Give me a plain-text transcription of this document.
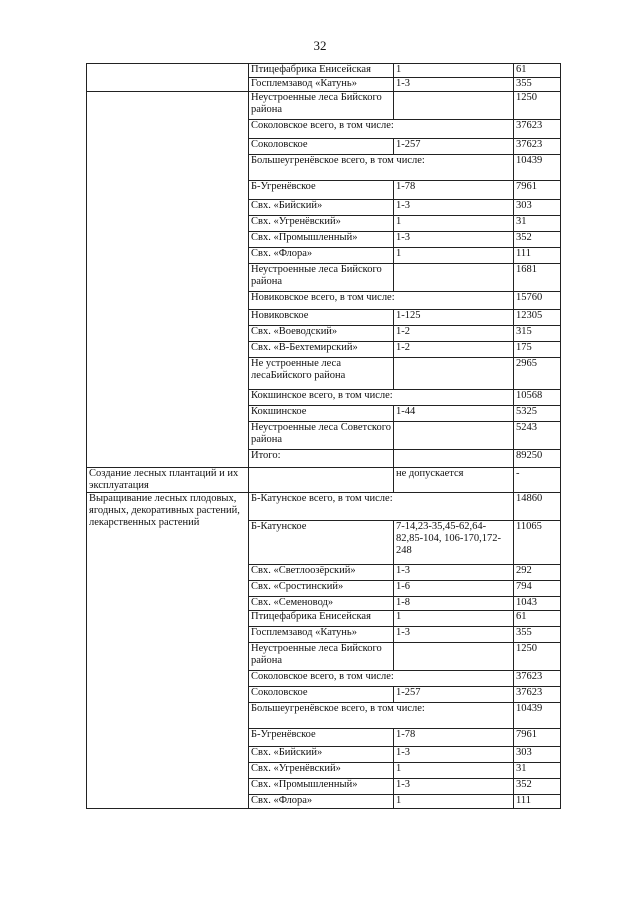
32
	Птицефабрика Енисейская	1	61
	Госплемзавод «Катунь»	1-3	355
	Неустроенные леса Бийского района		1250
	Соколовское всего, в том числе:		37623
	Соколовское	1-257	37623
	Большеугренёвское всего, в том числе:		10439
	Б-Угренёвское	1-78	7961
	Свх. «Бийский»	1-3	303
	Свх. «Угренёвский»	1	31
	Свх. «Промышленный»	1-3	352
	Свх. «Флора»	1	111
	Неустроенные леса Бийского района		1681
	Новиковское всего, в том числе:		15760
	Новиковское	1-125	12305
	Свх. «Воеводский»	1-2	315
	Свх. «В-Бехтемирский»	1-2	175
	Не устроенные леса лесаБийского района		2965
	Кокшинское всего, в том числе:		10568
	Кокшинское	1-44	5325
	Неустроенные леса Советского района		5243
	Итого:		89250
Создание лесных плантаций и их эксплуатация		не допускается	-
Выращивание лесных плодовых, ягодных, декоративных растений, лекарственных растений	Б-Катунское всего, в том числе:		14860
	Б-Катунское	7-14,23-35,45-62,64-82,85-104, 106-170,172-248	11065
	Свх. «Светлоозёрский»	1-3	292
	Свх. «Сростинский»	1-6	794
	Свх. «Семеновод»	1-8	1043
	Птицефабрика Енисейская	1	61
	Госплемзавод «Катунь»	1-3	355
	Неустроенные леса Бийского района		1250
	Соколовское всего, в том числе:		37623
	Соколовское	1-257	37623
	Большеугренёвское всего, в том числе:		10439
	Б-Угренёвское	1-78	7961
	Свх. «Бийский»	1-3	303
	Свх. «Угренёвский»	1	31
	Свх. «Промышленный»	1-3	352
	Свх. «Флора»	1	111
